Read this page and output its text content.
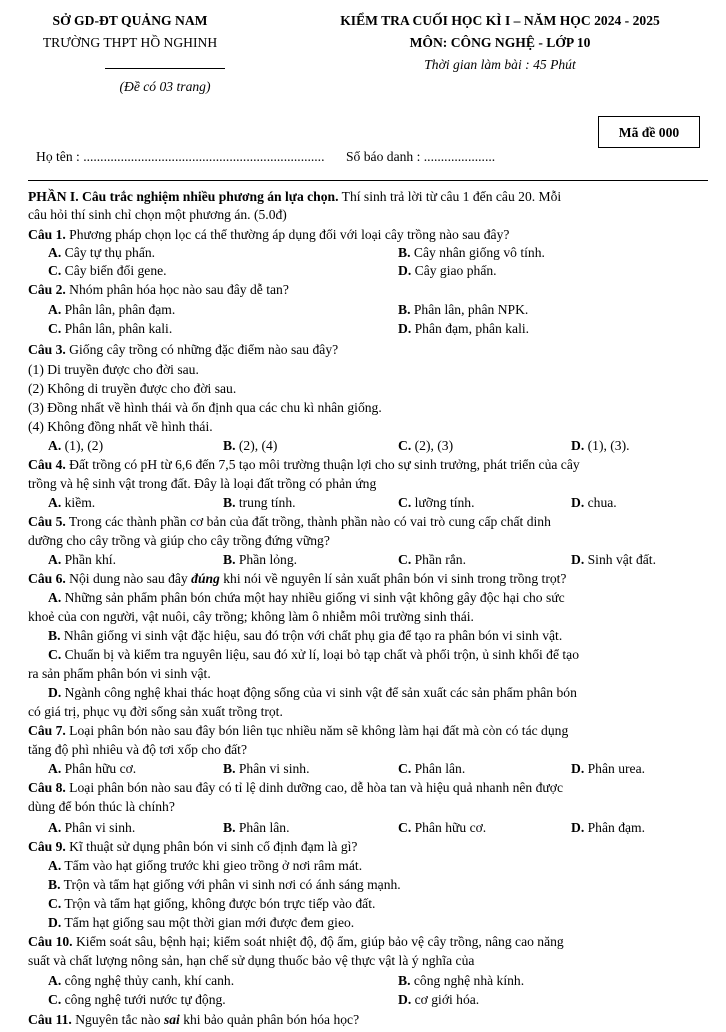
SỞ GD-ĐT QUẢNG NAM
TRƯỜNG THPT HỒ NGHINH
(Đề có 03 trang)
KIỂM TRA CUỐI HỌC KÌ I – NĂM HỌC 2024 - 2025
MÔN: CÔNG NGHỆ - LỚP 10
Thời gian làm bài : 45 Phút
Mã đề 000
Họ tên : ....................................................................... Số báo danh : .....................
PHẦN I. Câu trắc nghiệm nhiều phương án lựa chọn. Thí sinh trả lời từ câu 1 đến câu 20. Mỗi
câu hỏi thí sinh chỉ chọn một phương án. (5.0đ)
Câu 1. Phương pháp chọn lọc cá thể thường áp dụng đối với loại cây trồng nào sau đây?
A. Cây tự thụ phấn.	B. Cây nhân giống vô tính.
C. Cây biến đổi gene.	D. Cây giao phấn.
Câu 2. Nhóm phân hóa học nào sau đây dễ tan?
A. Phân lân, phân đạm.	B. Phân lân, phân NPK.
C. Phân lân, phân kali.	D. Phân đạm, phân kali.
Câu 3. Giống cây trồng có những đặc điểm nào sau đây?
(1) Di truyền được cho đời sau.
(2) Không di truyền được cho đời sau.
(3) Đồng nhất về hình thái và ổn định qua các chu kì nhân giống.
(4) Không đồng nhất về hình thái.
A. (1), (2)	B. (2), (4)	C. (2), (3)	D. (1), (3).
Câu 4. Đất trồng có pH từ 6,6 đến 7,5 tạo môi trường thuận lợi cho sự sinh trưởng, phát triển của cây
trồng và hệ sinh vật trong đất. Đây là loại đất trồng có phản ứng
A. kiềm.	B. trung tính.	C. lưỡng tính.	D. chua.
Câu 5. Trong các thành phần cơ bản của đất trồng, thành phần nào có vai trò cung cấp chất dinh
dưỡng cho cây trồng và giúp cho cây trồng đứng vững?
A. Phần khí.	B. Phần lỏng.	C. Phần rắn.	D. Sinh vật đất.
Câu 6. Nội dung nào sau đây đúng khi nói về nguyên lí sản xuất phân bón vi sinh trong trồng trọt?
A. Những sản phẩm phân bón chứa một hay nhiều giống vi sinh vật không gây độc hại cho sức
khoẻ của con người, vật nuôi, cây trồng; không làm ô nhiễm môi trường sinh thái.
B. Nhân giống vi sinh vật đặc hiệu, sau đó trộn với chất phụ gia để tạo ra phân bón vi sinh vật.
C. Chuẩn bị và kiểm tra nguyên liệu, sau đó xử lí, loại bỏ tạp chất và phối trộn, ủ sinh khối để tạo
ra sản phẩm phân bón vi sinh vật.
D. Ngành công nghệ khai thác hoạt động sống của vi sinh vật để sản xuất các sản phẩm phân bón
có giá trị, phục vụ đời sống sản xuất trồng trọt.
Câu 7. Loại phân bón nào sau đây bón liên tục nhiều năm sẽ không làm hại đất mà còn có tác dụng
tăng độ phì nhiêu và độ tơi xốp cho đất?
A. Phân hữu cơ.	B. Phân vi sinh.	C. Phân lân.	D. Phân urea.
Câu 8. Loại phân bón nào sau đây có tỉ lệ dinh dưỡng cao, dễ hòa tan và hiệu quả nhanh nên được
dùng để bón thúc là chính?
A. Phân vi sinh.	B. Phân lân.	C. Phân hữu cơ.	D. Phân đạm.
Câu 9. Kĩ thuật sử dụng phân bón vi sinh cố định đạm là gì?
A. Tẩm vào hạt giống trước khi gieo trồng ở nơi râm mát.
B. Trộn và tẩm hạt giống với phân vi sinh nơi có ánh sáng mạnh.
C. Trộn và tẩm hạt giống, không được bón trực tiếp vào đất.
D. Tẩm hạt giống sau một thời gian mới được đem gieo.
Câu 10. Kiểm soát sâu, bệnh hại; kiểm soát nhiệt độ, độ ẩm, giúp bảo vệ cây trồng, nâng cao năng
suất và chất lượng nông sản, hạn chế sử dụng thuốc bảo vệ thực vật là ý nghĩa của
A. công nghệ thủy canh, khí canh.	B. công nghệ nhà kính.
C. công nghệ tưới nước tự động.	D. cơ giới hóa.
Câu 11. Nguyên tắc nào sai khi bảo quản phân bón hóa học?
